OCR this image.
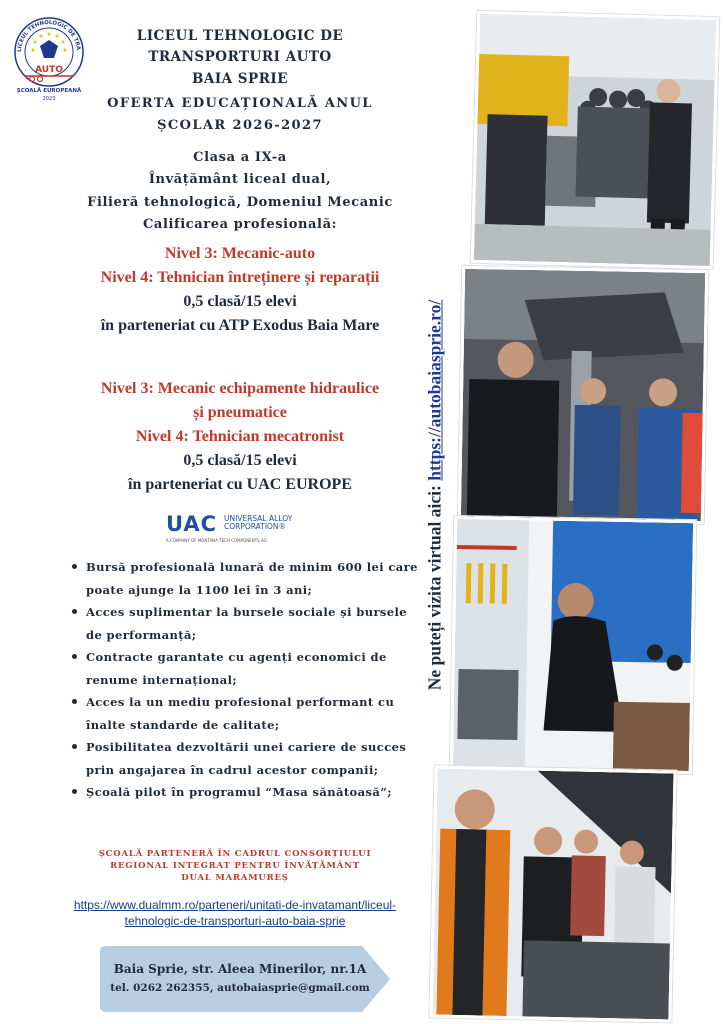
LICEUL TEHNOLOGIC DE TRA
AUTO
ȘCOALĂ EUROPEANĂ
2023
LICEUL TEHNOLOGIC DE
TRANSPORTURI AUTO
BAIA SPRIE
OFERTA EDUCAȚIONALĂ ANUL
ȘCOLAR 2026-2027
Clasa a IX-a
Învățământ liceal dual,
Filieră tehnologică, Domeniul Mecanic
Calificarea profesională:
Nivel 3: Mecanic-auto
Nivel 4: Tehnician întreținere și reparații
0,5 clasă/15 elevi
în parteneriat cu ATP Exodus Baia Mare
Nivel 3: Mecanic echipamente hidraulice
și pneumatice
Nivel 4: Tehnician mecatronist
0,5 clasă/15 elevi
în parteneriat cu UAC EUROPE
UAC UNIVERSAL ALLOY CORPORATION®
A COMPANY OF MONTANA TECH COMPONENTS AG
Bursă profesională lunară de minim 600 lei care poate ajunge la 1100 lei în 3 ani;
Acces suplimentar la bursele sociale și bursele de performanță;
Contracte garantate cu agenți economici de renume internațional;
Acces la un mediu profesional performant cu înalte standarde de calitate;
Posibilitatea dezvoltării unei cariere de succes prin angajarea în cadrul acestor companii;
Școală pilot în programul “Masa sănătoasă”;
ȘCOALĂ PARTENERĂ ÎN CADRUL CONSORȚIULUI
REGIONAL INTEGRAT PENTRU ÎNVĂȚĂMÂNT
DUAL MARAMUREȘ
https://www.dualmm.ro/parteneri/unitati-de-invatamant/liceul-
tehnologic-de-transporturi-auto-baia-sprie
Baia Sprie, str. Aleea Minerilor, nr.1A
tel. 0262 262355, autobaiasprie@gmail.com
Ne puteți vizita virtual aici: https://autobaiasprie.ro/
